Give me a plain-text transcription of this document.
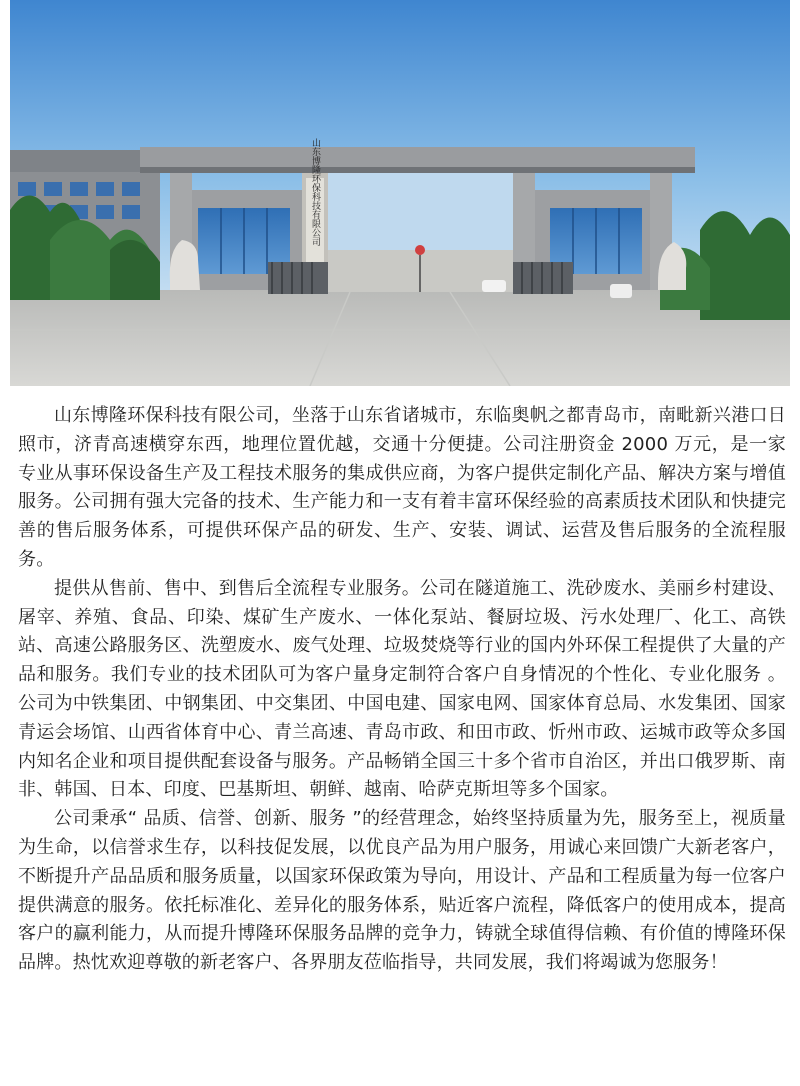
山东博隆环保科技有限公司

山东博隆环保科技有限公司，坐落于山东省诸城市，东临奥帆之都青岛市，南毗新兴港口日照市，济青高速横穿东西，地理位置优越，交通十分便捷。公司注册资金 2000 万元，是一家专业从事环保设备生产及工程技术服务的集成供应商，为客户提供定制化产品、解决方案与增值服务。公司拥有强大完备的技术、生产能力和一支有着丰富环保经验的高素质技术团队和快捷完善的售后服务体系，可提供环保产品的研发、生产、安装、调试、运营及售后服务的全流程服务。

提供从售前、售中、到售后全流程专业服务。公司在隧道施工、洗砂废水、美丽乡村建设、屠宰、养殖、食品、印染、煤矿生产废水、一体化泵站、餐厨垃圾、污水处理厂、化工、高铁站、高速公路服务区、洗塑废水、废气处理、垃圾焚烧等行业的国内外环保工程提供了大量的产品和服务。我们专业的技术团队可为客户量身定制符合客户自身情况的个性化、专业化服务 。公司为中铁集团、中钢集团、中交集团、中国电建、国家电网、国家体育总局、水发集团、国家青运会场馆、山西省体育中心、青兰高速、青岛市政、和田市政、忻州市政、运城市政等众多国内知名企业和项目提供配套设备与服务。产品畅销全国三十多个省市自治区，并出口俄罗斯、南非、韩国、日本、印度、巴基斯坦、朝鲜、越南、哈萨克斯坦等多个国家。

公司秉承“ 品质、信誉、创新、服务 ”的经营理念，始终坚持质量为先，服务至上，视质量为生命，以信誉求生存，以科技促发展，以优良产品为用户服务，用诚心来回馈广大新老客户，不断提升产品品质和服务质量，以国家环保政策为导向，用设计、产品和工程质量为每一位客户提供满意的服务。依托标准化、差异化的服务体系，贴近客户流程，降低客户的使用成本，提高客户的赢利能力，从而提升博隆环保服务品牌的竞争力，铸就全球值得信赖、有价值的博隆环保品牌。热忱欢迎尊敬的新老客户、各界朋友莅临指导，共同发展，我们将竭诚为您服务！
